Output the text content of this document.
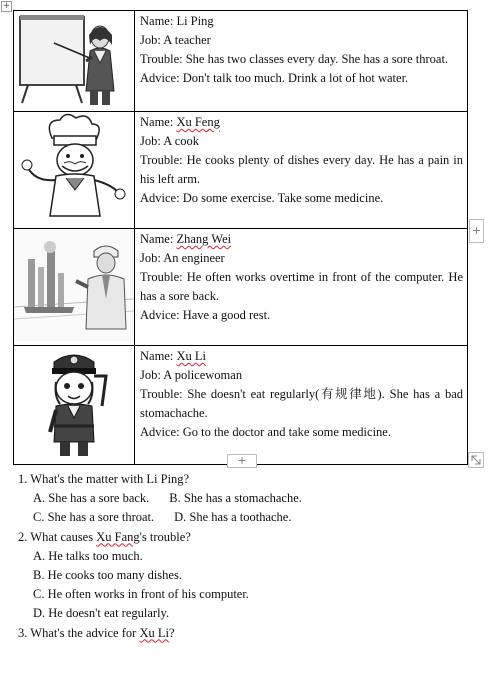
+

Name: Li Ping
Job: A teacher
Trouble: She has two classes every day. She has a sore throat.
Advice: Don't talk too much. Drink a lot of hot water.

Name: Xu Feng
Job: A cook
Trouble: He cooks plenty of dishes every day. He has a pain in his left arm.
Advice: Do some exercise. Take some medicine.

Name: Zhang Wei
Job: An engineer
Trouble: He often works overtime in front of the computer. He has a sore back.
Advice: Have a good rest.

Name: Xu Li
Job: A policewoman
Trouble: She doesn't eat regularly(有规律地). She has a bad stomachache.
Advice: Go to the doctor and take some medicine.
+
+

1. What's the matter with Li Ping?

A. She has a sore back. B. She has a stomachache.

C. She has a sore throat. D. She has a toothache.

2. What causes Xu Fang's trouble?

A. He talks too much.

B. He cooks too many dishes.

C. He often works in front of his computer.

D. He doesn't eat regularly.

3. What's the advice for Xu Li?
